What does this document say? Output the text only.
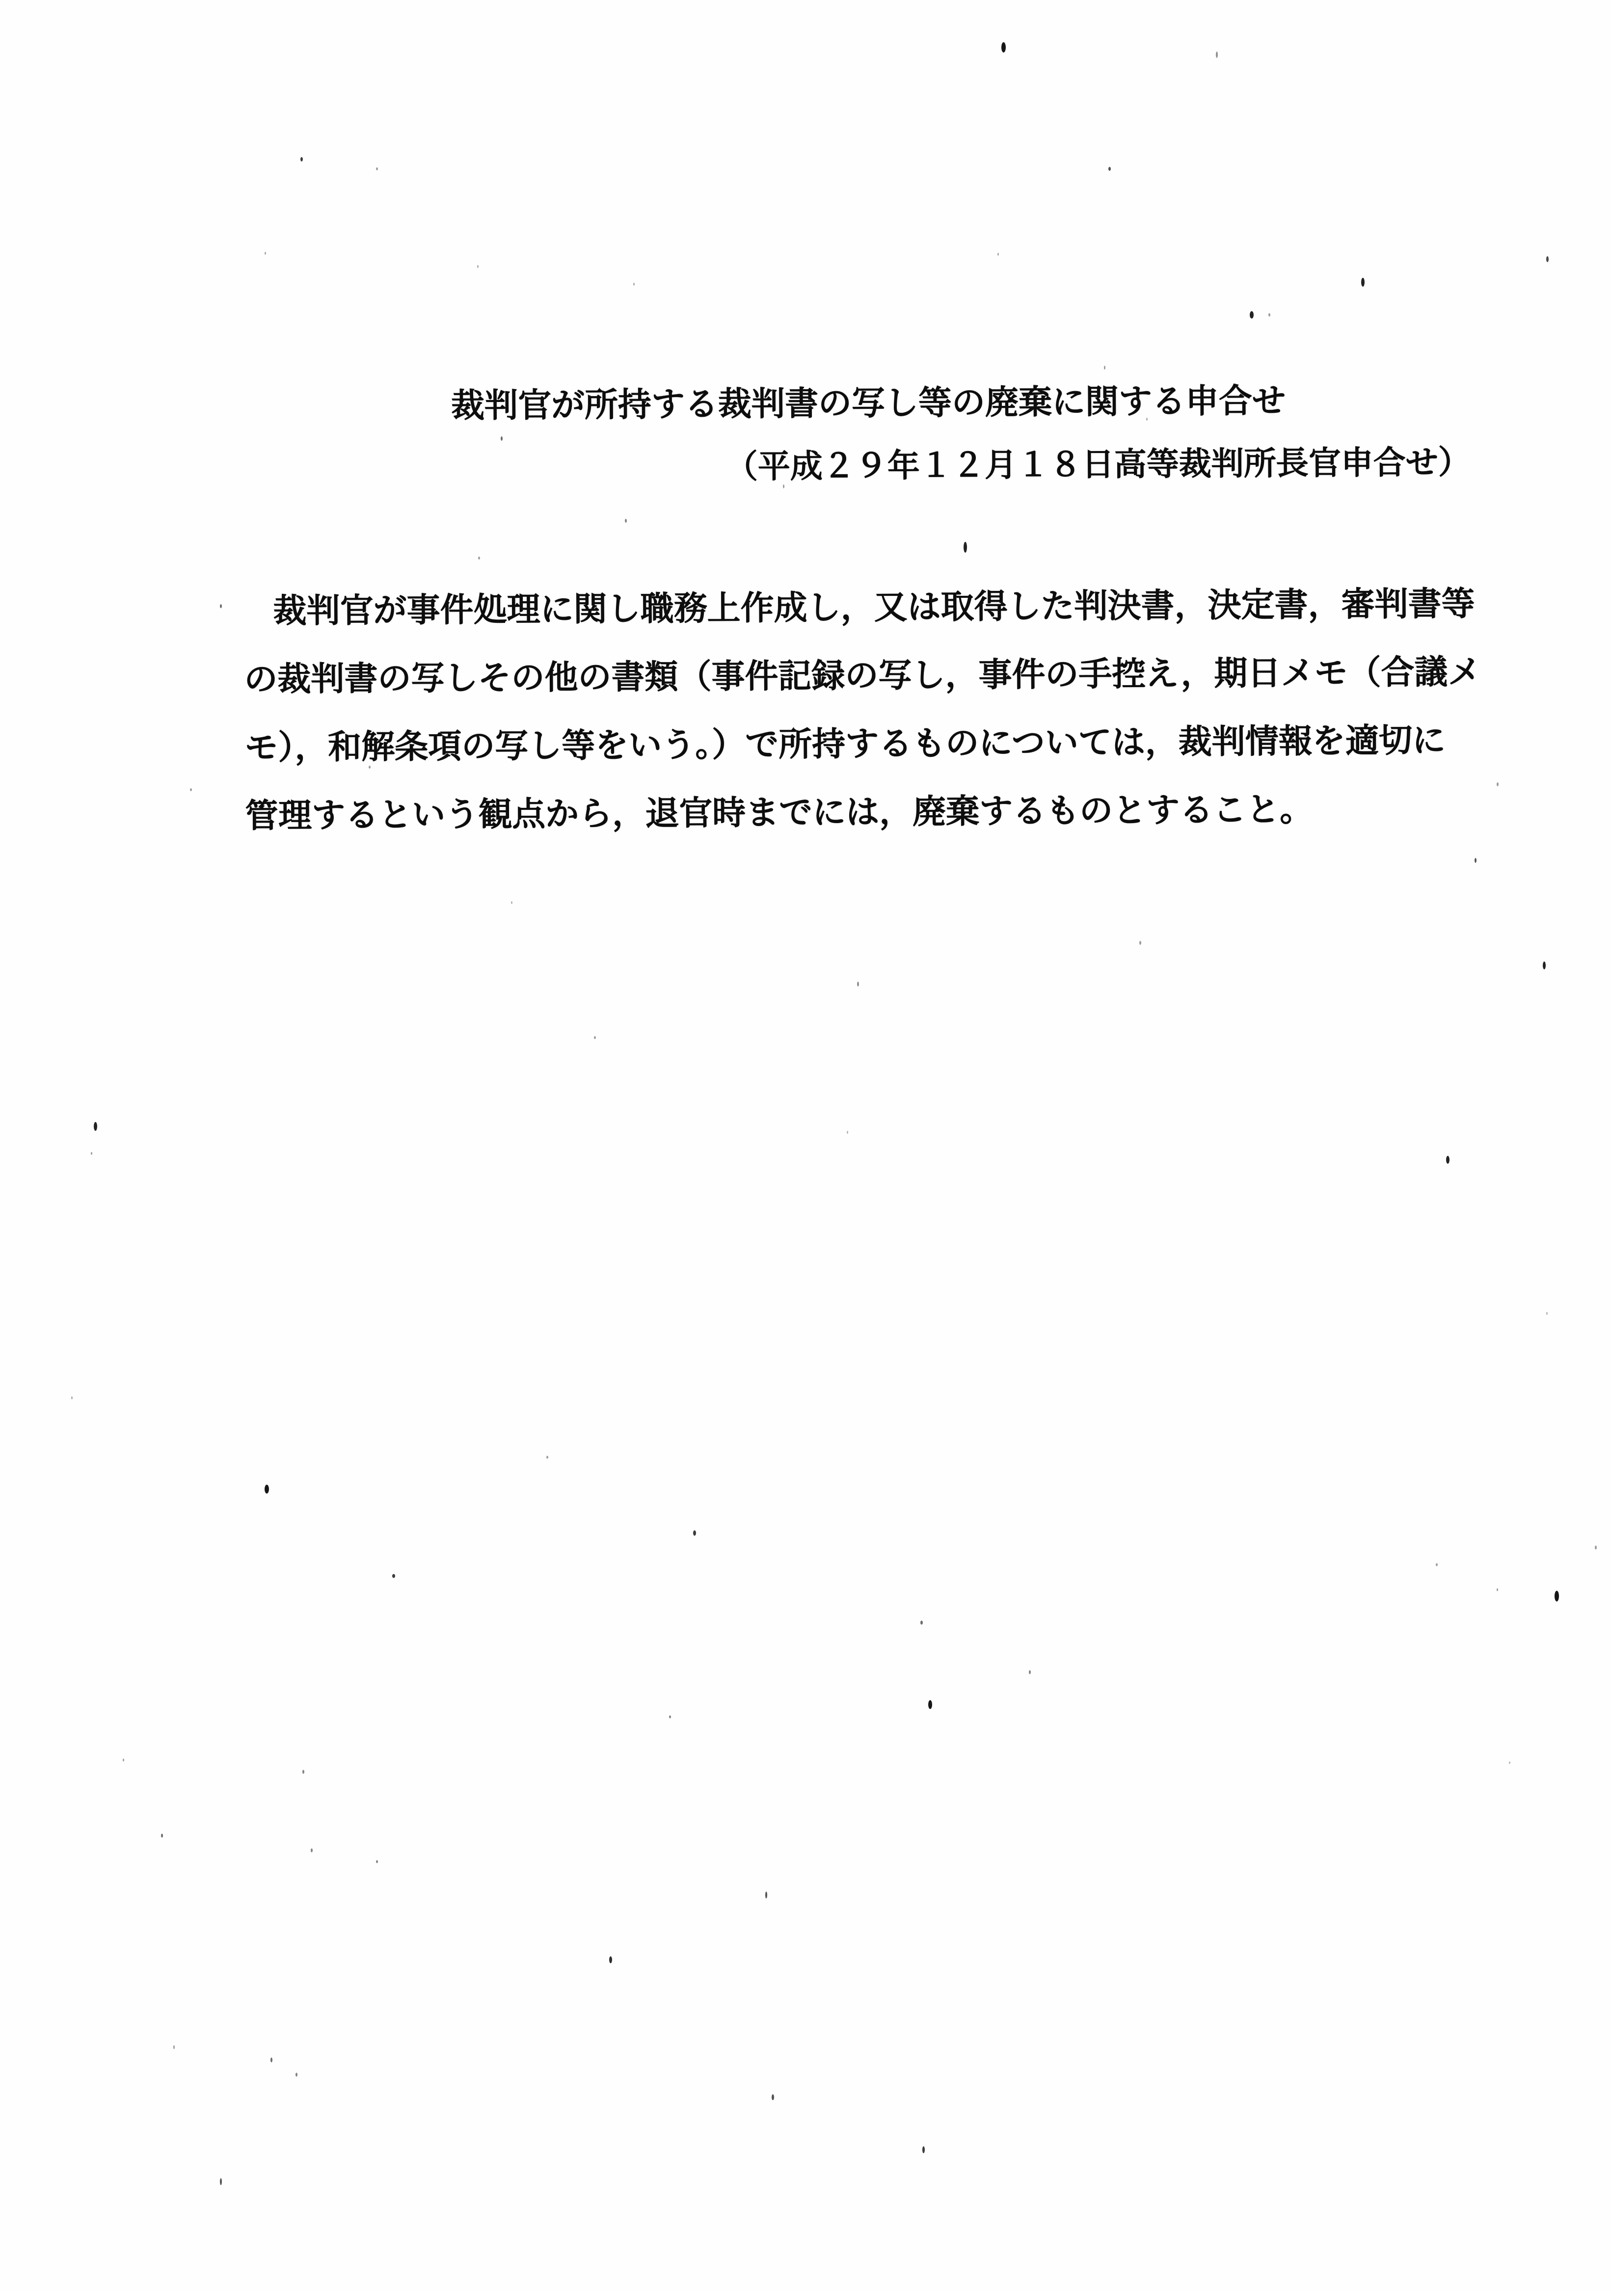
裁判官が所持する裁判書の写し等の廃棄に関する申合せ
（平成２９年１２月１８日高等裁判所長官申合せ）
裁判官が事件処理に関し職務上作成し，又は取得した判決書，決定書，審判書等
の裁判書の写しその他の書類（事件記録の写し，事件の手控え，期日メモ（合議メ
モ），和解条項の写し等をいう。）で所持するものについては，裁判情報を適切に
管理するという観点から，退官時までには，廃棄するものとすること。
